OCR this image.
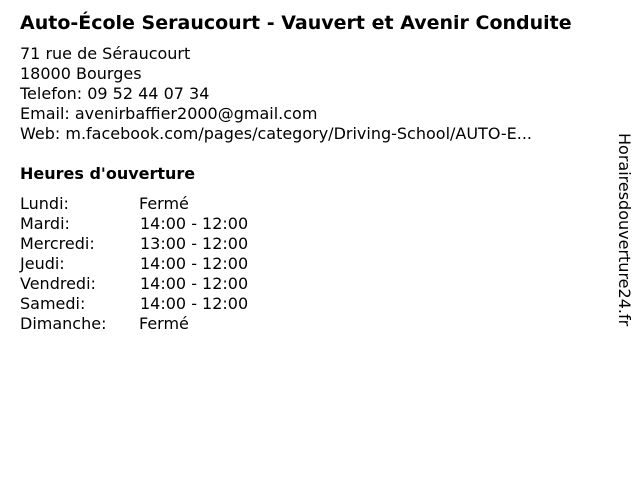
Auto-École Seraucourt - Vauvert et Avenir Conduite
71 rue de Séraucourt
18000 Bourges
Telefon: 09 52 44 07 34
Email: avenirbaffier2000@gmail.com
Web: m.facebook.com/pages/category/Driving-School/AUTO-E...
Heures d'ouverture
Lundi:	Fermé
Mardi:	14:00 - 12:00
Mercredi:	13:00 - 12:00
Jeudi:	14:00 - 12:00
Vendredi:	14:00 - 12:00
Samedi:	14:00 - 12:00
Dimanche: Fermé	Horairesdouverture24.fr
